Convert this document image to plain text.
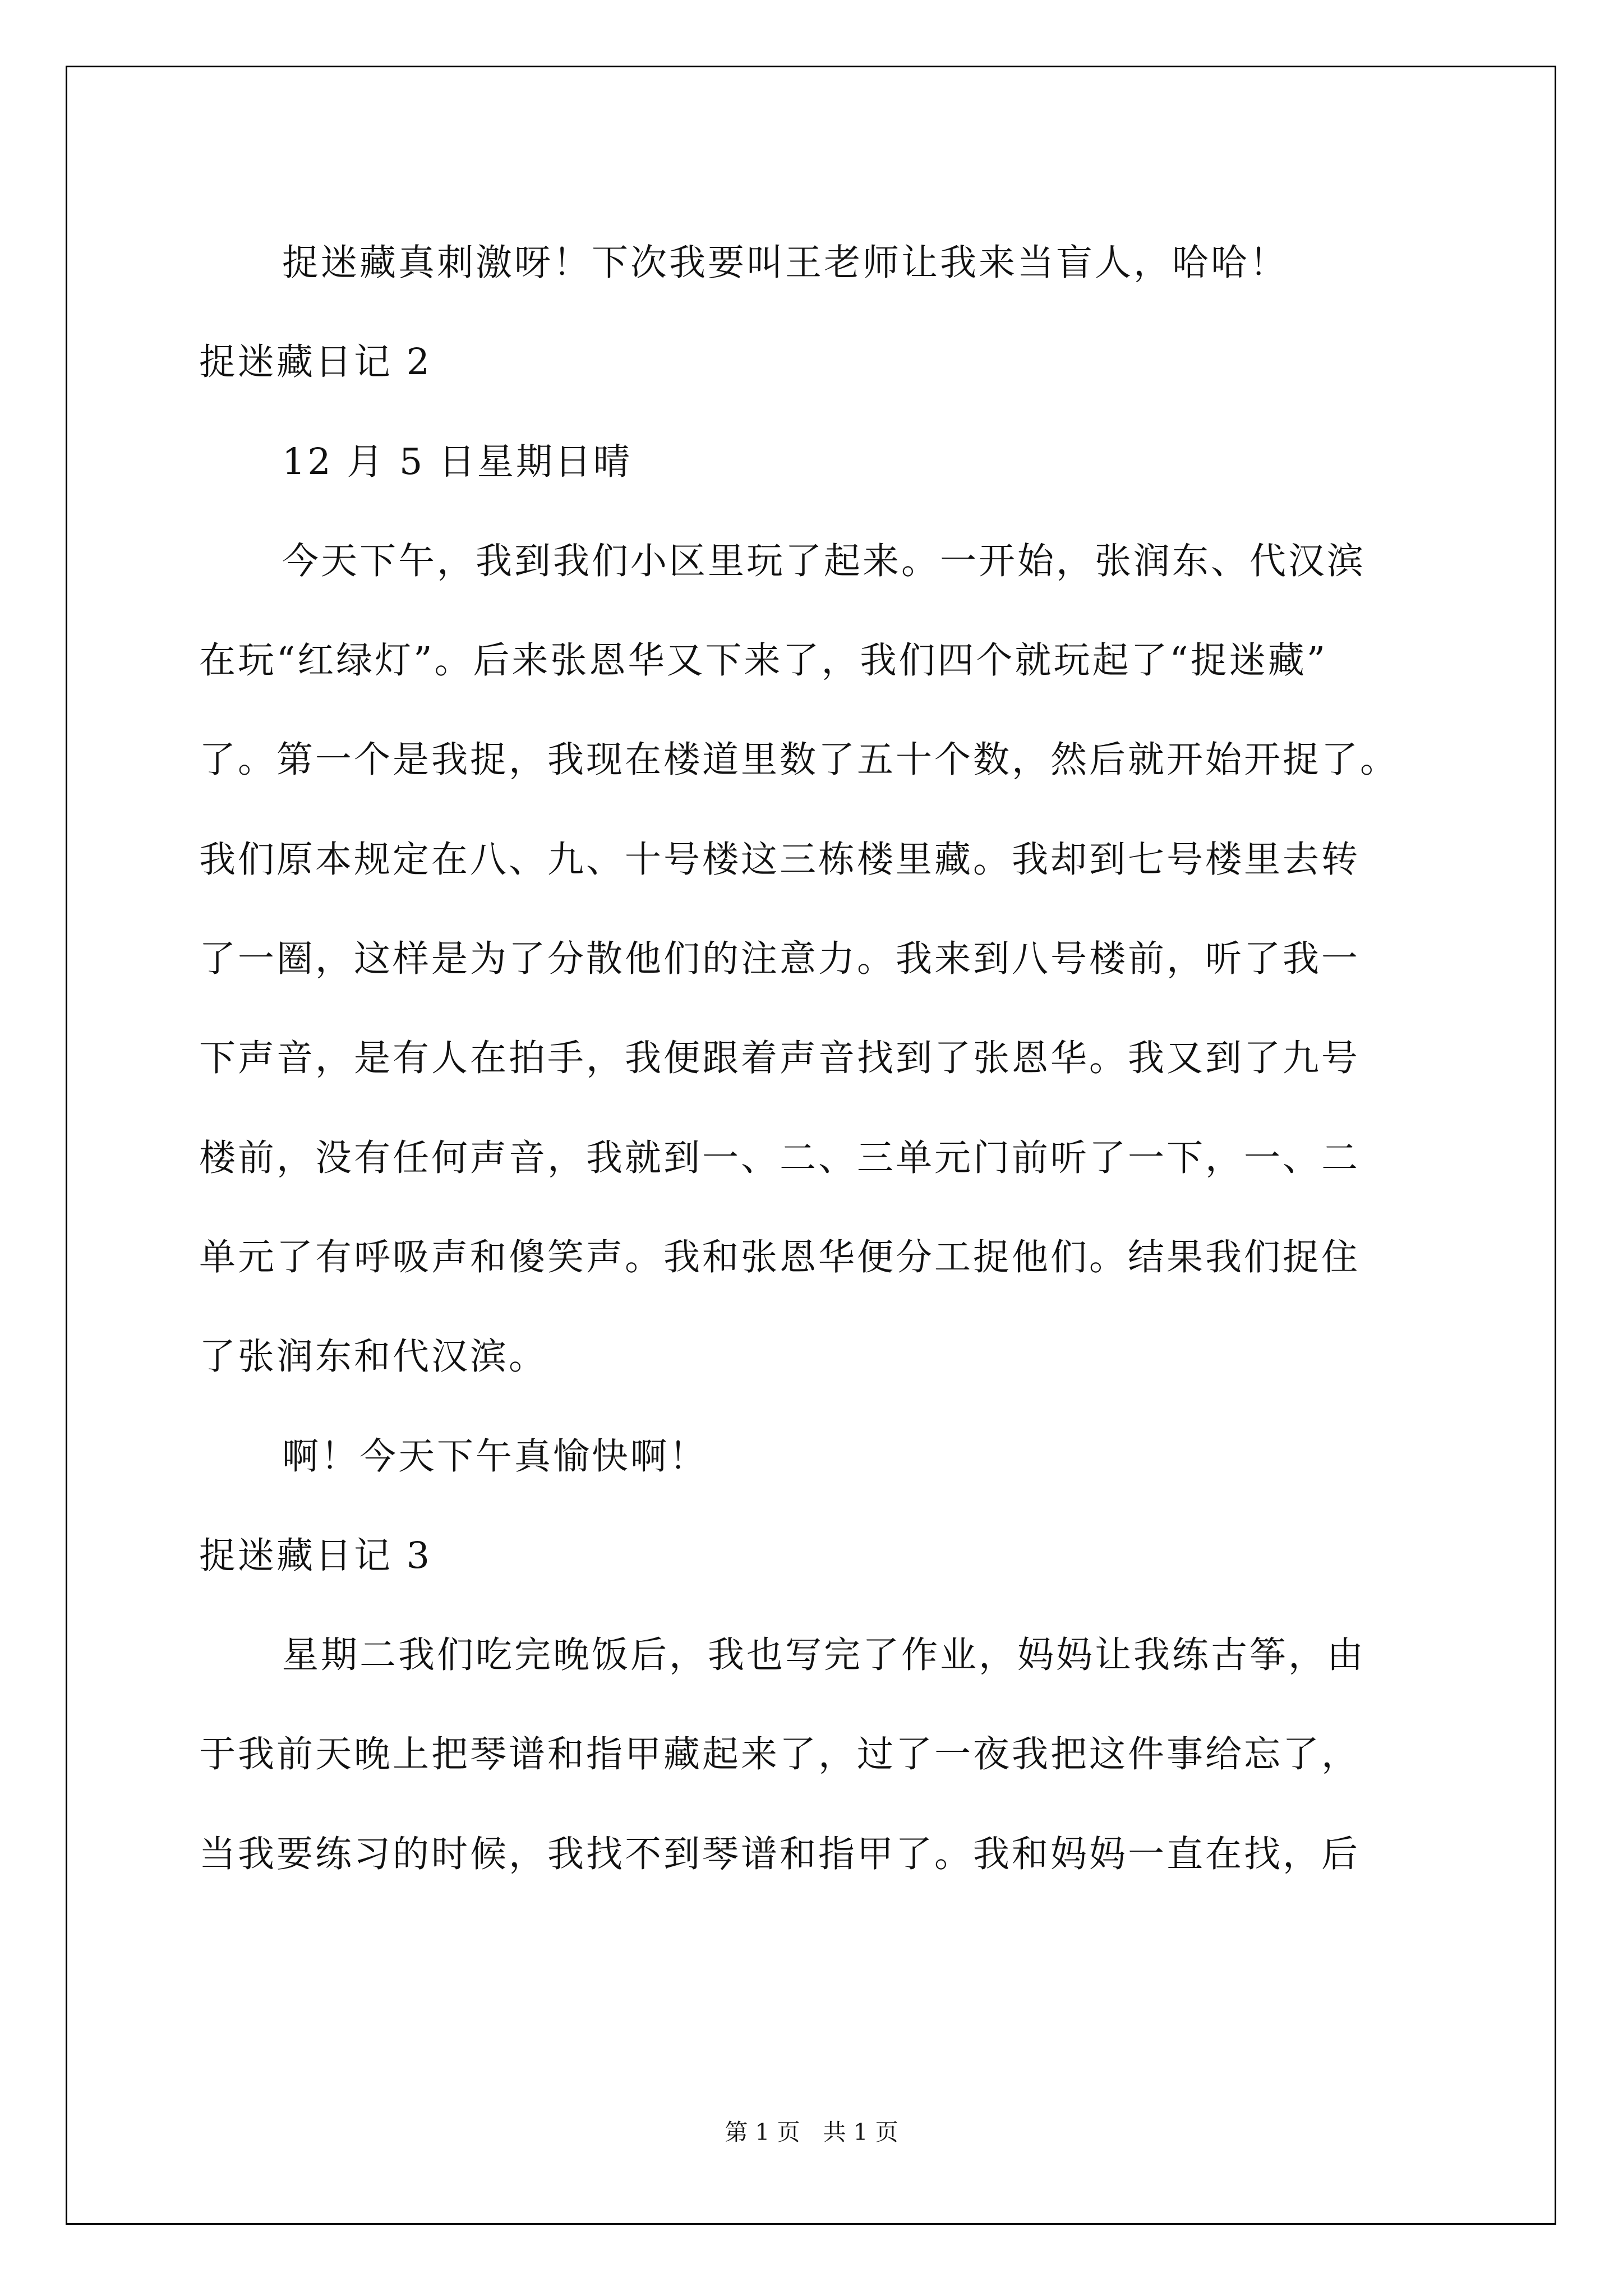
捉迷藏真刺激呀！下次我要叫王老师让我来当盲人，哈哈！
捉迷藏日记 2
12 月 5 日星期日晴
今天下午，我到我们小区里玩了起来。一开始，张润东、代汉滨
在玩“红绿灯”。后来张恩华又下来了，我们四个就玩起了“捉迷藏”
了。第一个是我捉，我现在楼道里数了五十个数，然后就开始开捉了。
我们原本规定在八、九、十号楼这三栋楼里藏。我却到七号楼里去转
了一圈，这样是为了分散他们的注意力。我来到八号楼前，听了我一
下声音，是有人在拍手，我便跟着声音找到了张恩华。我又到了九号
楼前，没有任何声音，我就到一、二、三单元门前听了一下，一、二
单元了有呼吸声和傻笑声。我和张恩华便分工捉他们。结果我们捉住
了张润东和代汉滨。
啊！今天下午真愉快啊！
捉迷藏日记 3
星期二我们吃完晚饭后，我也写完了作业，妈妈让我练古筝，由
于我前天晚上把琴谱和指甲藏起来了，过了一夜我把这件事给忘了，
当我要练习的时候，我找不到琴谱和指甲了。我和妈妈一直在找，后
第 1 页　共 1 页
